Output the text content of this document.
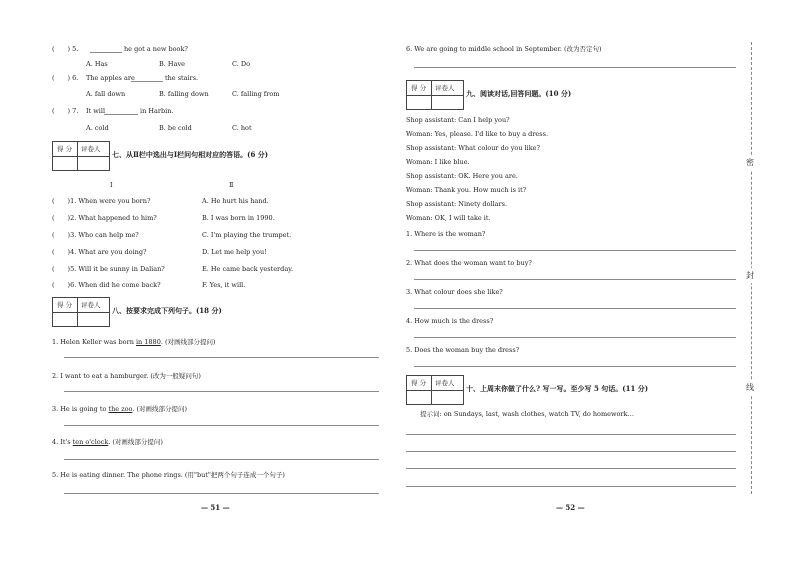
(　　) 5.	he got a new book?
A. Has	B. Have	C. Do
(　　) 6. The apples are	the stairs.
A. fall down	B. falling down	C. falling from
(　　) 7. It will	in Harbin.
A. cold	B. be cold	C. hot
得 分 评卷人
七、从Ⅱ栏中选出与Ⅰ栏问句相对应的答语。(6 分)
Ⅰ	Ⅱ
(　　)1. When were you born?	A. He hurt his hand.
(　　)2. What happened to him?	B. I was born in 1990.
(　　)3. Who can help me?	C. I'm playing the trumpet.
(　　)4. What are you doing?	D. Let me help you!
(　　)5. Will it be sunny in Dalian?	E. He came back yesterday.
(　　)6. When did he come back?	F. Yes, it will.
得 分 评卷人
八、按要求完成下列句子。(18 分)
1. Helen Keller was born in 1880. (对画线部分提问)
2. I want to eat a hamburger. (改为一般疑问句)
3. He is going to the zoo. (对画线部分提问)
4. It's ten o'clock. (对画线部分提问)
5. He is eating dinner. The phone rings. (用"but"把两个句子连成一个句子)
— 51 —
6. We are going to middle school in September. (改为否定句)
得 分 评卷人
九、阅读对话,回答问题。(10 分)
Shop assistant: Can I help you?
Woman: Yes, please. I'd like to buy a dress.
Shop assistant: What colour do you like?
Woman: I like blue.
Shop assistant: OK. Here you are.
Woman: Thank you. How much is it?
Shop assistant: Ninety dollars.
Woman: OK, I will take it.
1. Where is the woman?
2. What does the woman want to buy?
3. What colour does she like?
4. How much is the dress?
5. Does the woman buy the dress?
得 分 评卷人
十、上周末你做了什么? 写一写。至少写 5 句话。(11 分)
提示词: on Sundays, last, wash clothes, watch TV, do homework…
— 52 —
密
封
线
